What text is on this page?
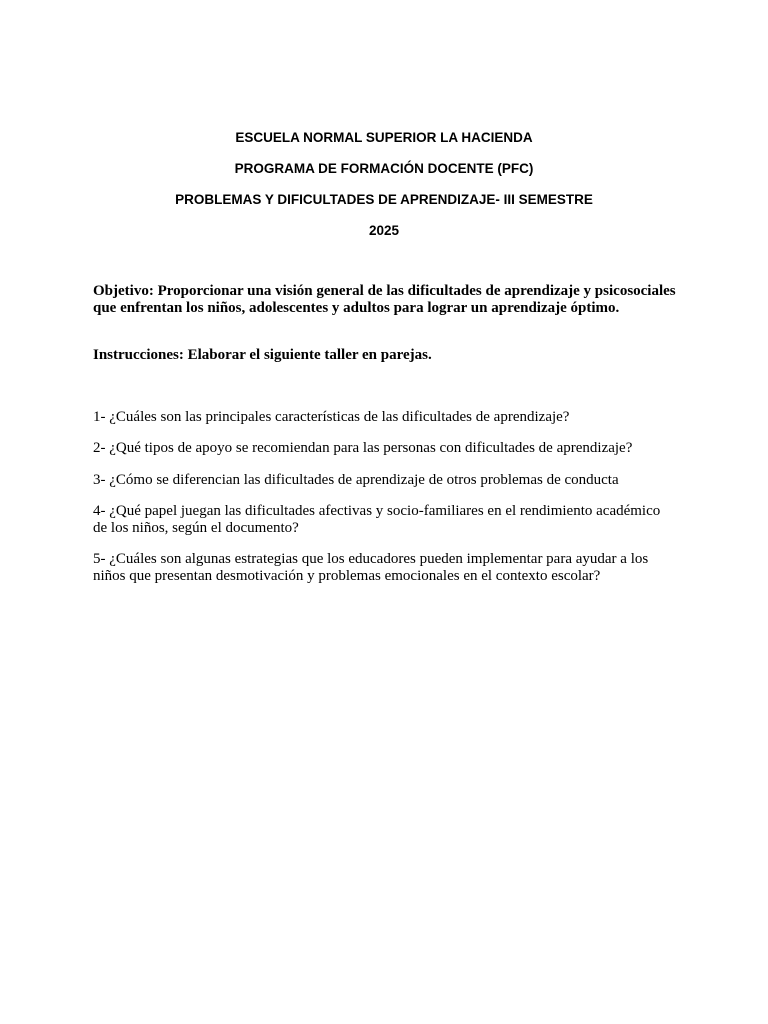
ESCUELA NORMAL SUPERIOR LA HACIENDA
PROGRAMA DE FORMACIÓN DOCENTE (PFC)
PROBLEMAS Y DIFICULTADES DE APRENDIZAJE- III SEMESTRE
2025
Objetivo: Proporcionar una visión general de las dificultades de aprendizaje y psicosociales que enfrentan los niños, adolescentes y adultos para lograr un aprendizaje óptimo.
Instrucciones: Elaborar el siguiente taller en parejas.
1- ¿Cuáles son las principales características de las dificultades de aprendizaje?
2- ¿Qué tipos de apoyo se recomiendan para las personas con dificultades de aprendizaje?
3- ¿Cómo se diferencian las dificultades de aprendizaje de otros problemas de conducta
4- ¿Qué papel juegan las dificultades afectivas y socio-familiares en el rendimiento académico de los niños, según el documento?
5- ¿Cuáles son algunas estrategias que los educadores pueden implementar para ayudar a los niños que presentan desmotivación y problemas emocionales en el contexto escolar?
